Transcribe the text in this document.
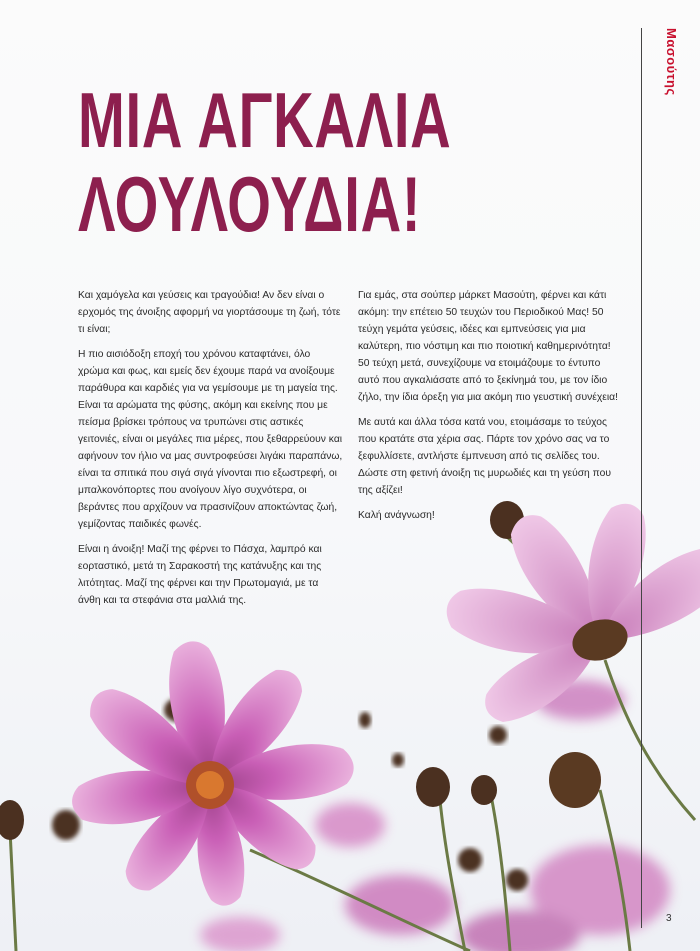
ΜΙΑ ΑΓΚΑΛΙΑ
ΛΟΥΛΟΥΔΙΑ!

Και χαμόγελα και γεύσεις και τραγούδια! Αν δεν είναι ο ερχομός της άνοιξης αφορμή να γιορτάσουμε τη ζωή, τότε τι είναι;

Η πιο αισιόδοξη εποχή του χρόνου καταφτάνει, όλο χρώμα και φως, και εμείς δεν έχουμε παρά να ανοίξουμε παράθυρα και καρδιές για να γεμίσουμε με τη μαγεία της. Είναι τα αρώματα της φύσης, ακόμη και εκείνης που με πείσμα βρίσκει τρόπους να τρυπώνει στις αστικές γειτονιές, είναι οι μεγάλες πια μέρες, που ξεθαρρεύουν και αφήνουν τον ήλιο να μας συντροφεύσει λιγάκι παραπάνω, είναι τα σπιτικά που σιγά σιγά γίνονται πιο εξωστρεφή, οι μπαλκονόπορτες που ανοίγουν λίγο συχνότερα, οι βεράντες που αρχίζουν να πρασινίζουν αποκτώντας ζωή, γεμίζοντας παιδικές φωνές.

Είναι η άνοιξη! Μαζί της φέρνει το Πάσχα, λαμπρό και εορταστικό, μετά τη Σαρακοστή της κατάνυξης και της λιτότητας. Μαζί της φέρνει και την Πρωτομαγιά, με τα άνθη και τα στεφάνια στα μαλλιά της.

Για εμάς, στα σούπερ μάρκετ Μασούτη, φέρνει και κάτι ακόμη: την επέτειο 50 τευχών του Περιοδικού Μας! 50 τεύχη γεμάτα γεύσεις, ιδέες και εμπνεύσεις για μια καλύτερη, πιο νόστιμη και πιο ποιοτική καθημερινότητα! 50 τεύχη μετά, συνεχίζουμε να ετοιμάζουμε το έντυπο αυτό που αγκαλιάσατε από το ξεκίνημά του, με τον ίδιο ζήλο, την ίδια όρεξη για μια ακόμη πιο γευστική συνέχεια!

Με αυτά και άλλα τόσα κατά νου, ετοιμάσαμε το τεύχος που κρατάτε στα χέρια σας. Πάρτε τον χρόνο σας να το ξεφυλλίσετε, αντλήστε έμπνευση από τις σελίδες του. Δώστε στη φετινή άνοιξη τις μυρωδιές και τη γεύση που της αξίζει!

Καλή ανάγνωση!

Μασούτης
3
